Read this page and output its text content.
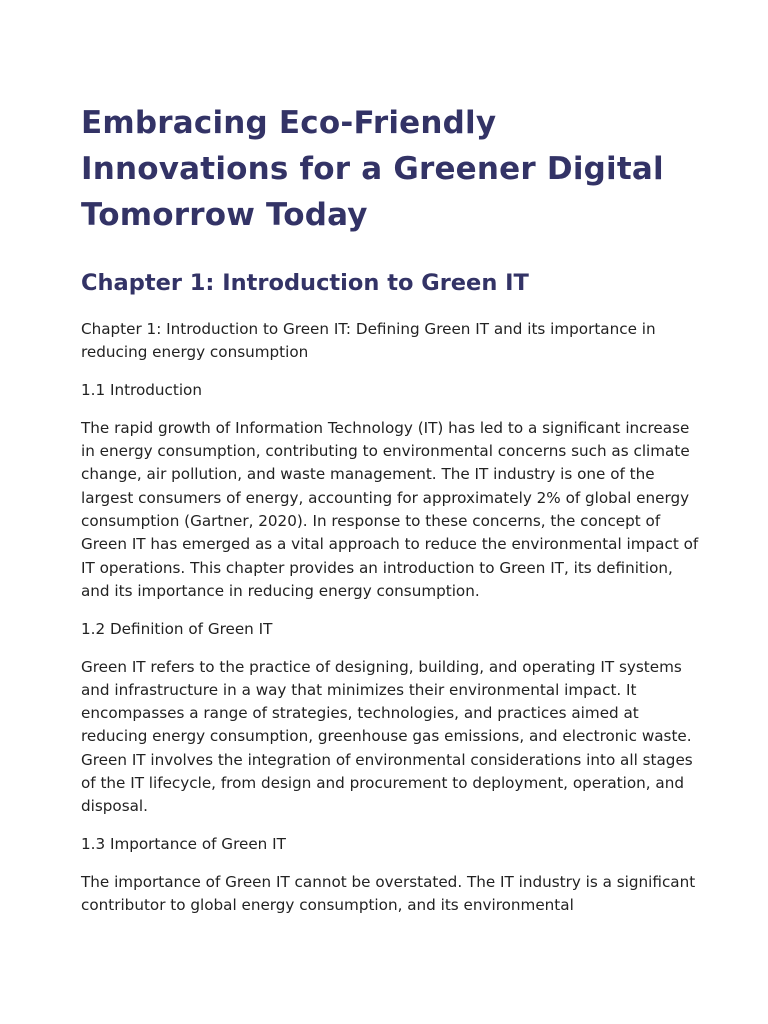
Embracing Eco-Friendly Innovations for a Greener Digital Tomorrow Today
Chapter 1: Introduction to Green IT

Chapter 1: Introduction to Green IT: Defining Green IT and its importance in reducing energy consumption

1.1 Introduction

The rapid growth of Information Technology (IT) has led to a significant increase in energy consumption, contributing to environmental concerns such as climate change, air pollution, and waste management. The IT industry is one of the largest consumers of energy, accounting for approximately 2% of global energy consumption (Gartner, 2020). In response to these concerns, the concept of Green IT has emerged as a vital approach to reduce the environmental impact of IT operations. This chapter provides an introduction to Green IT, its definition, and its importance in reducing energy consumption.

1.2 Definition of Green IT

Green IT refers to the practice of designing, building, and operating IT systems and infrastructure in a way that minimizes their environmental impact. It encompasses a range of strategies, technologies, and practices aimed at reducing energy consumption, greenhouse gas emissions, and electronic waste. Green IT involves the integration of environmental considerations into all stages of the IT lifecycle, from design and procurement to deployment, operation, and disposal.

1.3 Importance of Green IT

The importance of Green IT cannot be overstated. The IT industry is a significant contributor to global energy consumption, and its environmental
